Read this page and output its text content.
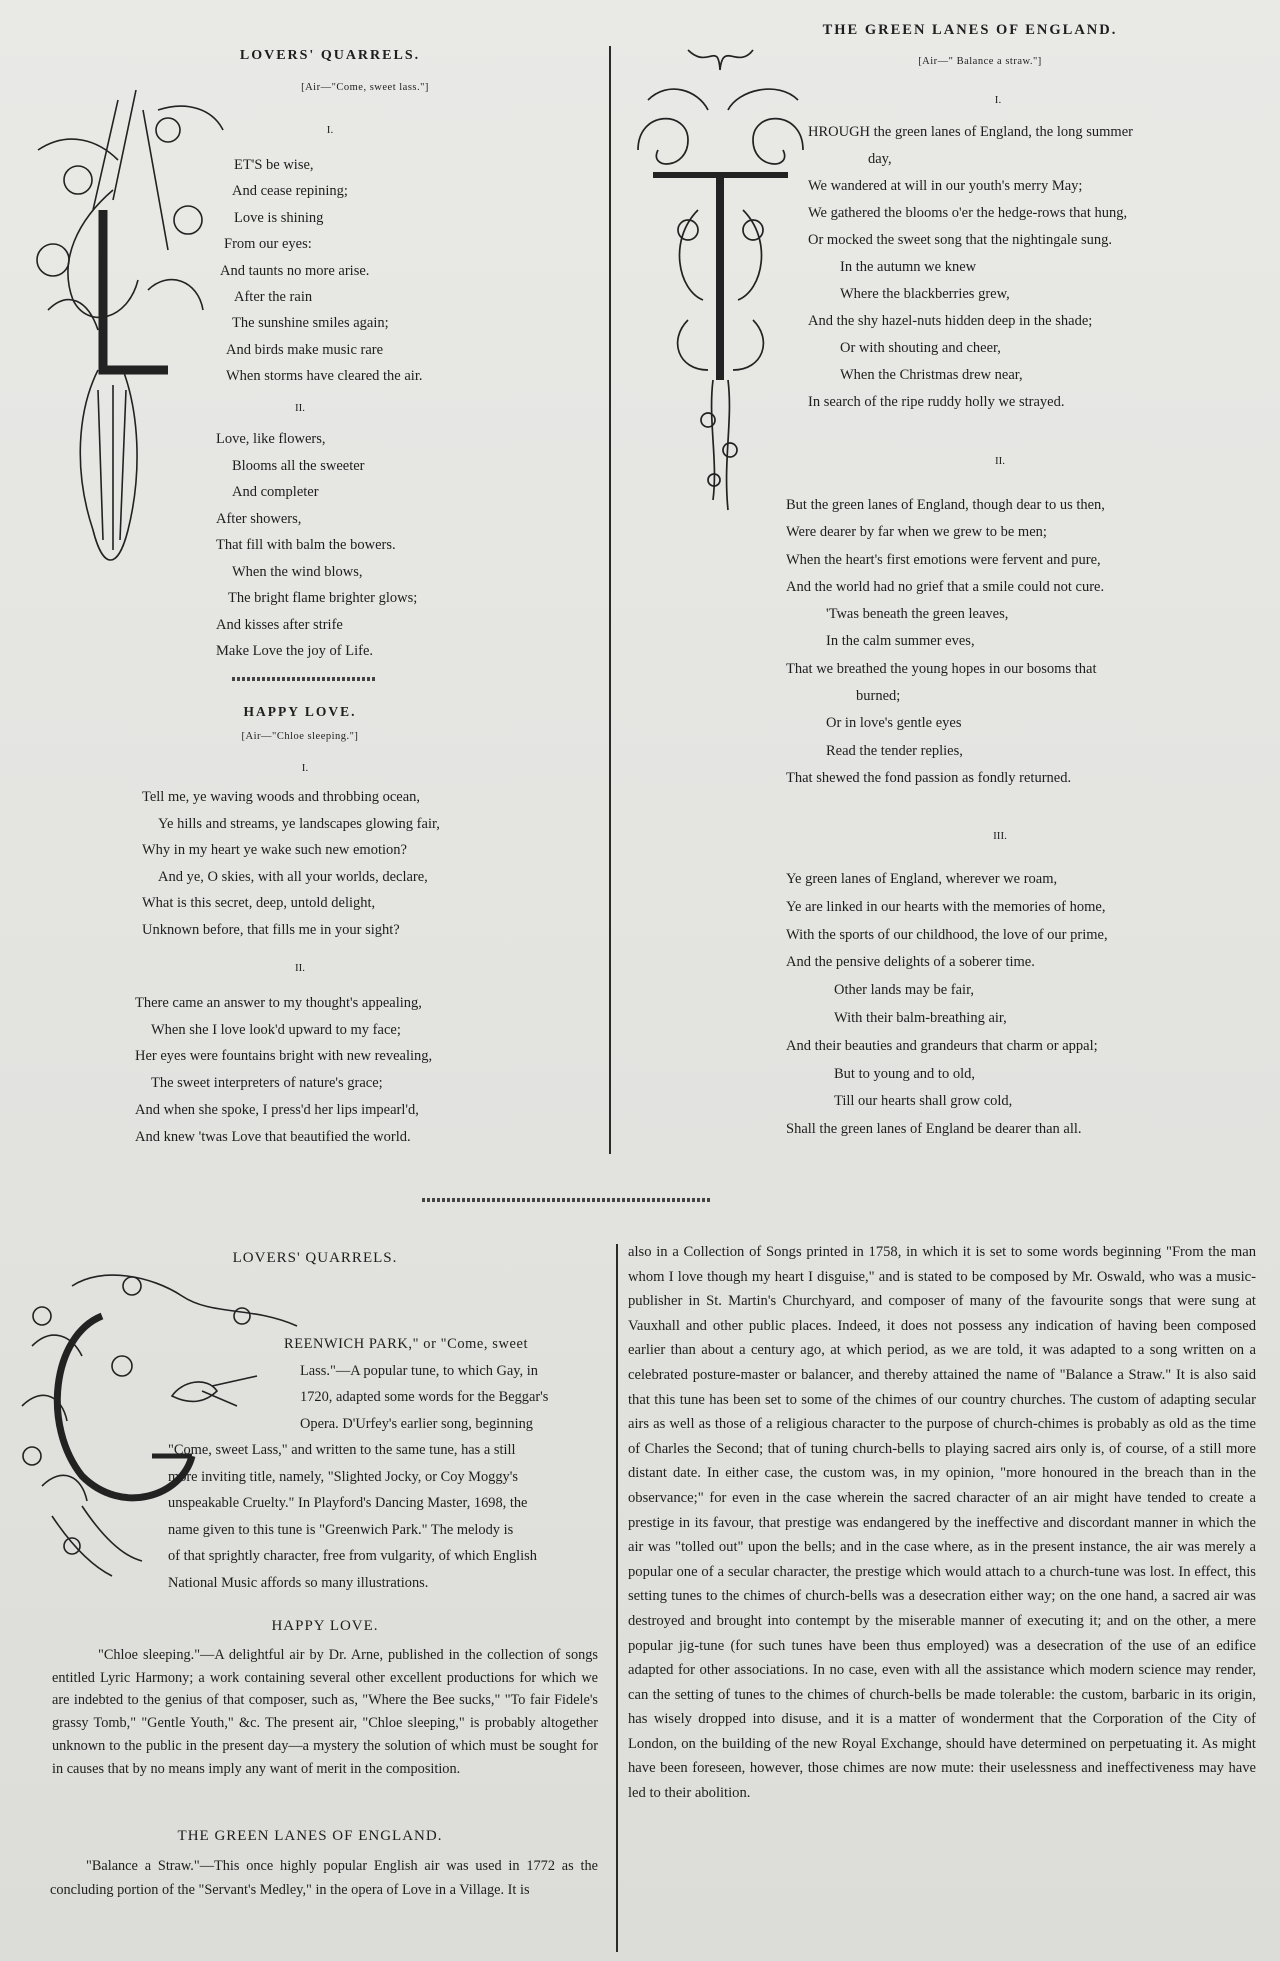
LOVERS' QUARRELS.
[Air—"Come, sweet lass."]
I.
ET'S be wise,
And cease repining;
Love is shining
From our eyes:
And taunts no more arise.
After the rain
The sunshine smiles again;
And birds make music rare
When storms have cleared the air.
II.
Love, like flowers,
Blooms all the sweeter
And completer
After showers,
That fill with balm the bowers.
When the wind blows,
The bright flame brighter glows;
And kisses after strife
Make Love the joy of Life.
HAPPY LOVE.
[Air—"Chloe sleeping."]
I.
Tell me, ye waving woods and throbbing ocean,
Ye hills and streams, ye landscapes glowing fair,
Why in my heart ye wake such new emotion?
And ye, O skies, with all your worlds, declare,
What is this secret, deep, untold delight,
Unknown before, that fills me in your sight?
II.
There came an answer to my thought's appealing,
When she I love look'd upward to my face;
Her eyes were fountains bright with new revealing,
The sweet interpreters of nature's grace;
And when she spoke, I press'd her lips impearl'd,
And knew 'twas Love that beautified the world.
THE GREEN LANES OF ENGLAND.
[Air—" Balance a straw."]
I.
HROUGH the green lanes of England, the long summer
day,
We wandered at will in our youth's merry May;
We gathered the blooms o'er the hedge-rows that hung,
Or mocked the sweet song that the nightingale sung.
In the autumn we knew
Where the blackberries grew,
And the shy hazel-nuts hidden deep in the shade;
Or with shouting and cheer,
When the Christmas drew near,
In search of the ripe ruddy holly we strayed.
II.
But the green lanes of England, though dear to us then,
Were dearer by far when we grew to be men;
When the heart's first emotions were fervent and pure,
And the world had no grief that a smile could not cure.
'Twas beneath the green leaves,
In the calm summer eves,
That we breathed the young hopes in our bosoms that
burned;
Or in love's gentle eyes
Read the tender replies,
That shewed the fond passion as fondly returned.
III.
Ye green lanes of England, wherever we roam,
Ye are linked in our hearts with the memories of home,
With the sports of our childhood, the love of our prime,
And the pensive delights of a soberer time.
Other lands may be fair,
With their balm-breathing air,
And their beauties and grandeurs that charm or appal;
But to young and to old,
Till our hearts shall grow cold,
Shall the green lanes of England be dearer than all.
LOVERS' QUARRELS.
REENWICH PARK," or "Come, sweet
Lass."—A popular tune, to which Gay, in
1720, adapted some words for the Beggar's
Opera. D'Urfey's earlier song, beginning
"Come, sweet Lass," and written to the same tune, has a still
more inviting title, namely, "Slighted Jocky, or Coy Moggy's
unspeakable Cruelty." In Playford's Dancing Master, 1698, the
name given to this tune is "Greenwich Park." The melody is
of that sprightly character, free from vulgarity, of which English
National Music affords so many illustrations.
HAPPY LOVE.

"Chloe sleeping."—A delightful air by Dr. Arne, published in the collection of songs entitled Lyric Harmony; a work containing several other excellent productions for which we are indebted to the genius of that composer, such as, "Where the Bee sucks," "To fair Fidele's grassy Tomb," "Gentle Youth," &c. The present air, "Chloe sleeping," is probably altogether unknown to the public in the present day—a mystery the solution of which must be sought for in causes that by no means imply any want of merit in the composition.

THE GREEN LANES OF ENGLAND.

"Balance a Straw."—This once highly popular English air was used in 1772 as the concluding portion of the "Servant's Medley," in the opera of Love in a Village. It is

also in a Collection of Songs printed in 1758, in which it is set to some words beginning "From the man whom I love though my heart I disguise," and is stated to be composed by Mr. Oswald, who was a music-publisher in St. Martin's Churchyard, and composer of many of the favourite songs that were sung at Vauxhall and other public places. Indeed, it does not possess any indication of having been composed earlier than about a century ago, at which period, as we are told, it was adapted to a song written on a celebrated posture-master or balancer, and thereby attained the name of "Balance a Straw." It is also said that this tune has been set to some of the chimes of our country churches. The custom of adapting secular airs as well as those of a religious character to the purpose of church-chimes is probably as old as the time of Charles the Second; that of tuning church-bells to playing sacred airs only is, of course, of a still more distant date. In either case, the custom was, in my opinion, "more honoured in the breach than in the observance;" for even in the case wherein the sacred character of an air might have tended to create a prestige in its favour, that prestige was endangered by the ineffective and discordant manner in which the air was "tolled out" upon the bells; and in the case where, as in the present instance, the air was merely a popular one of a secular character, the prestige which would attach to a church-tune was lost. In effect, this setting tunes to the chimes of church-bells was a desecration either way; on the one hand, a sacred air was destroyed and brought into contempt by the miserable manner of executing it; and on the other, a mere popular jig-tune (for such tunes have been thus employed) was a desecration of the use of an edifice adapted for other associations. In no case, even with all the assistance which modern science may render, can the setting of tunes to the chimes of church-bells be made tolerable: the custom, barbaric in its origin, has wisely dropped into disuse, and it is a matter of wonderment that the Corporation of the City of London, on the building of the new Royal Exchange, should have determined on perpetuating it. As might have been foreseen, however, those chimes are now mute: their uselessness and ineffectiveness may have led to their abolition.
